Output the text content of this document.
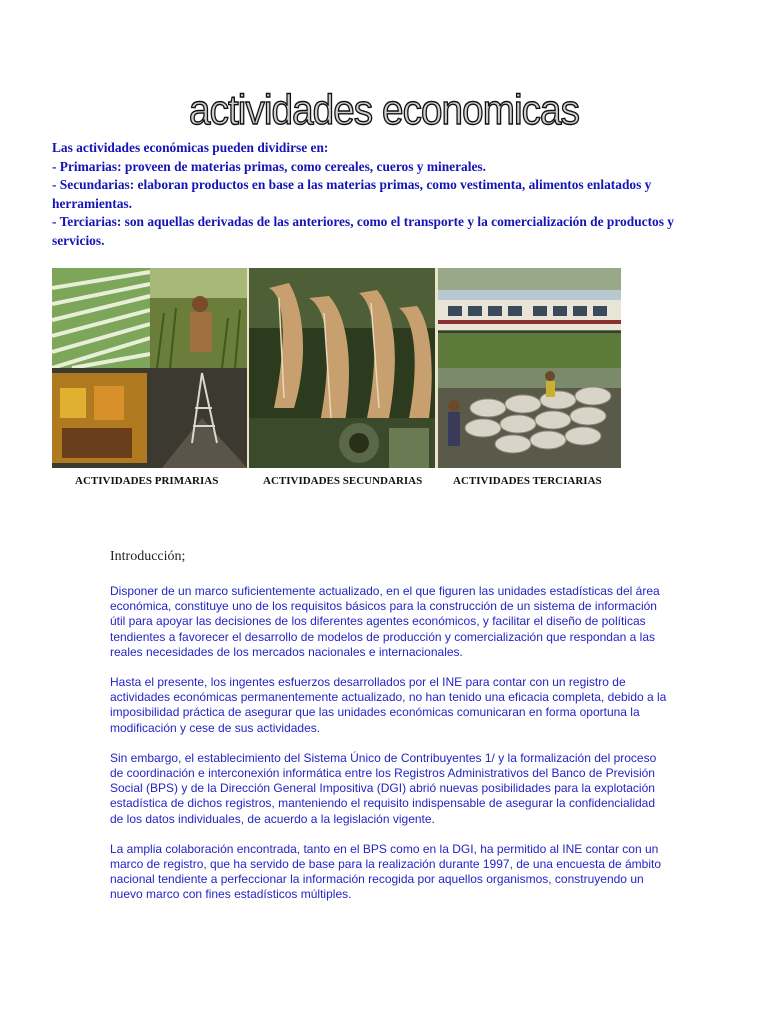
actividades economicas

Las actividades económicas pueden dividirse en:

- Primarias: proveen de materias primas, como cereales, cueros y minerales.

- Secundarias: elaboran productos en base a las materias primas, como vestimenta, alimentos enlatados y herramientas.

- Terciarias: son aquellas derivadas de las anteriores, como el transporte y la comercialización de productos y servicios.

ACTIVIDADES PRIMARIAS	ACTIVIDADES SECUNDARIAS	ACTIVIDADES TERCIARIAS
Introducción;

Disponer de un marco suficientemente actualizado, en el que figuren las unidades estadísticas del área económica, constituye uno de los requisitos básicos para la construcción de un sistema de información útil para apoyar las decisiones de los diferentes agentes económicos, y facilitar el diseño de políticas tendientes a favorecer el desarrollo de modelos de producción y comercialización que respondan a las reales necesidades de los mercados nacionales e internacionales.

Hasta el presente, los ingentes esfuerzos desarrollados por el INE para contar con un registro de actividades económicas permanentemente actualizado, no han tenido una eficacia completa, debido a la imposibilidad práctica de asegurar que las unidades económicas comunicaran en forma oportuna la modificación y cese de sus actividades.

Sin embargo, el establecimiento del Sistema Único de Contribuyentes 1/ y la formalización del proceso de coordinación e interconexión informática entre los Registros Administrativos del Banco de Previsión Social (BPS) y de la Dirección General Impositiva (DGI) abrió nuevas posibilidades para la explotación estadística de dichos registros, manteniendo el requisito indispensable de asegurar la confidencialidad de los datos individuales, de acuerdo a la legislación vigente.

La amplia colaboración encontrada, tanto en el BPS como en la DGI, ha permitido al INE contar con un marco de registro, que ha servido de base para la realización durante 1997, de una encuesta de ámbito nacional tendiente a perfeccionar la información recogida por aquellos organismos, construyendo un nuevo marco con fines estadísticos múltiples.
